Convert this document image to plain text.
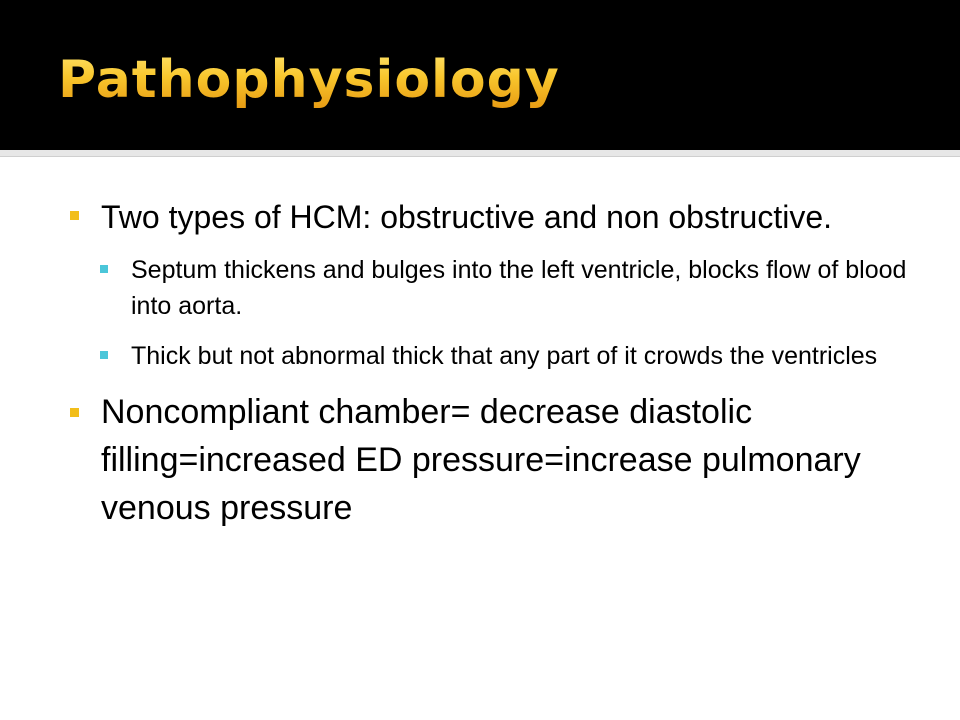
Pathophysiology
Two types of HCM: obstructive and non obstructive.
Septum thickens and bulges into the left ventricle, blocks flow of blood into aorta.
Thick but not abnormal thick that any part of it crowds the ventricles
Noncompliant chamber= decrease diastolic filling=increased ED pressure=increase pulmonary venous pressure
